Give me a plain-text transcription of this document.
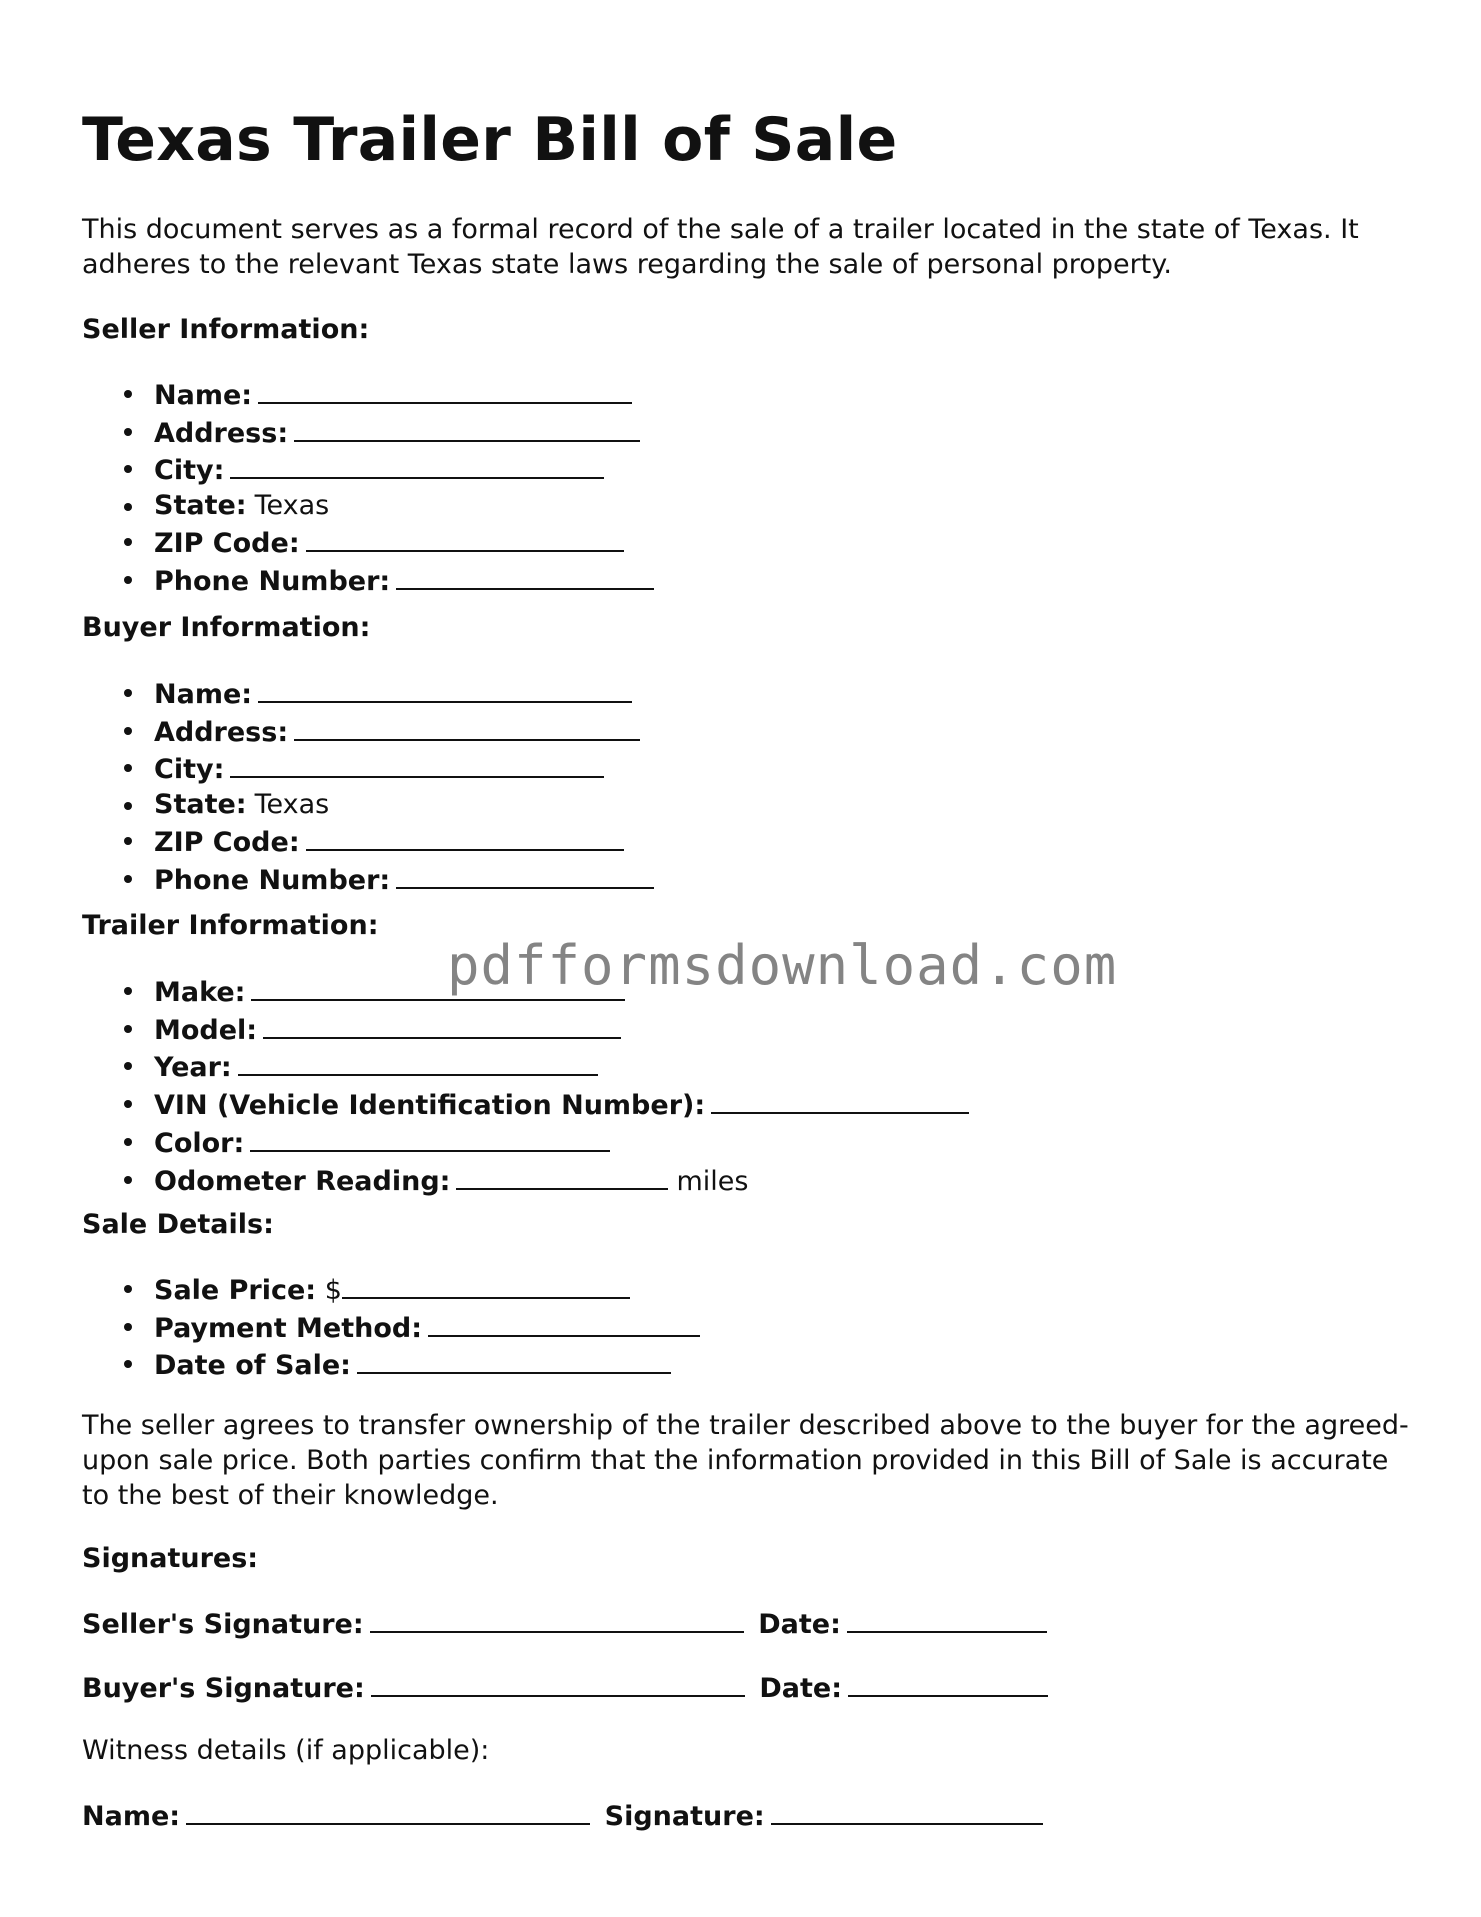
Texas Trailer Bill of Sale

This document serves as a formal record of the sale of a trailer located in the state of Texas. It adheres to the relevant Texas state laws regarding the sale of personal property.

Seller Information:

Name:
Address:
City:
State: Texas
ZIP Code:
Phone Number:

Buyer Information:

Name:
Address:
City:
State: Texas
ZIP Code:
Phone Number:

Trailer Information:

Make:
Model:
Year:
VIN (Vehicle Identification Number):
Color:
Odometer Reading:	miles
pdfformsdownload.com

Sale Details:

Sale Price: $
Payment Method:
Date of Sale:

The seller agrees to transfer ownership of the trailer described above to the buyer for the agreed-upon sale price. Both parties confirm that the information provided in this Bill of Sale is accurate to the best of their knowledge.

Signatures:

Seller's Signature:	Date:

Buyer's Signature:	Date:

Witness details (if applicable):

Name:	Signature:
